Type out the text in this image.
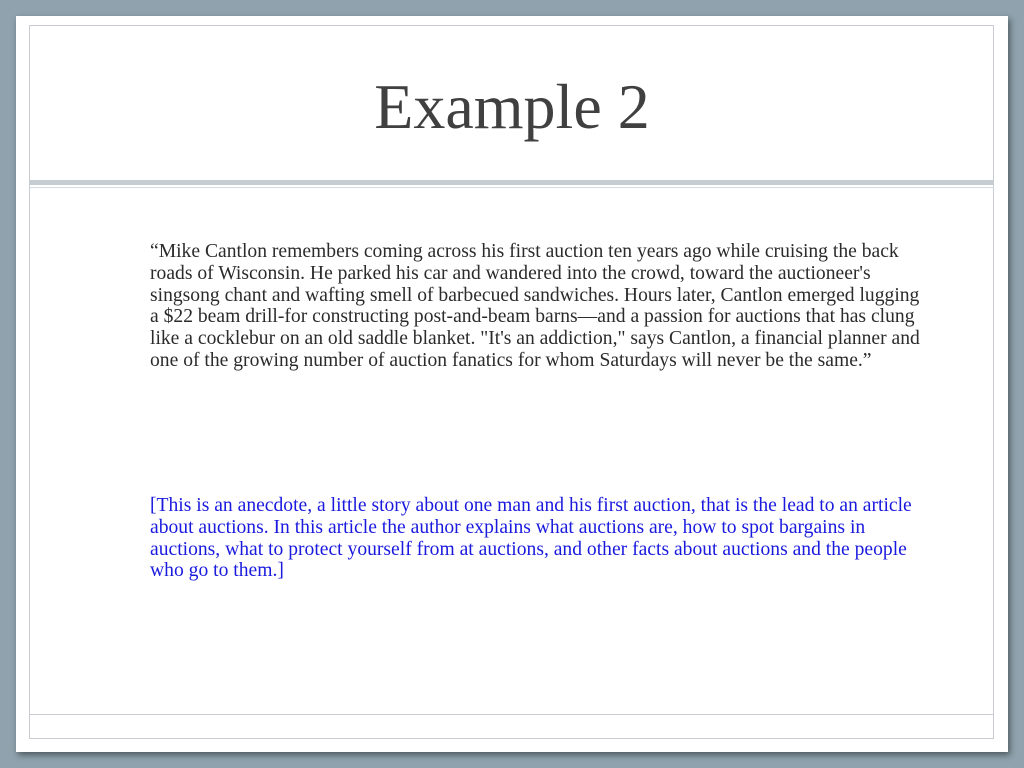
Example 2

“Mike Cantlon remembers coming across his first auction ten years ago while cruising the back roads of Wisconsin. He parked his car and wandered into the crowd, toward the auctioneer's singsong chant and wafting smell of barbecued sandwiches. Hours later, Cantlon emerged lugging a $22 beam drill-for constructing post-and-beam barns—and a passion for auctions that has clung like a cocklebur on an old saddle blanket. "It's an addiction," says Cantlon, a financial planner and one of the growing number of auction fanatics for whom Saturdays will never be the same.”

[This is an anecdote, a little story about one man and his first auction, that is the lead to an article about auctions. In this article the author explains what auctions are, how to spot bargains in auctions, what to protect yourself from at auctions, and other facts about auctions and the people who go to them.]
